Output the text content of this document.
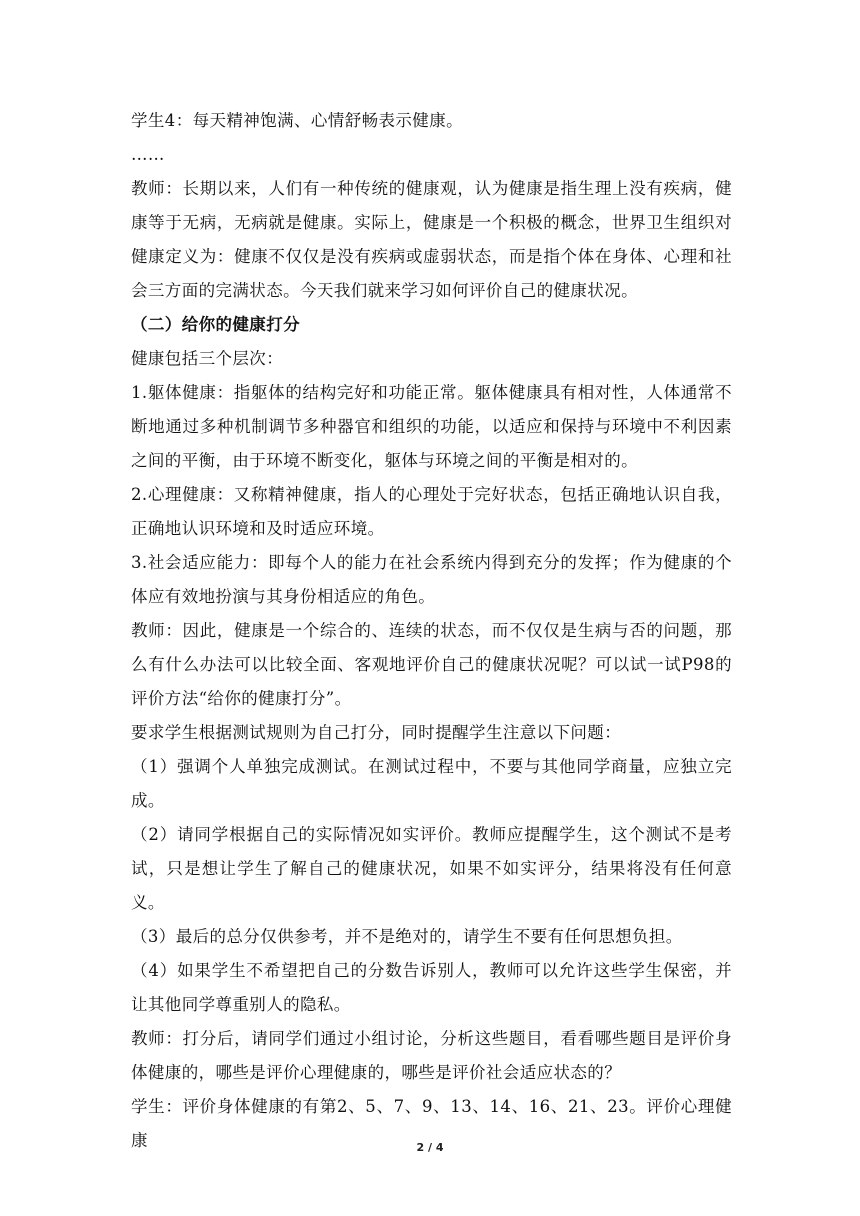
学生4：每天精神饱满、心情舒畅表示健康。

……

教师：长期以来，人们有一种传统的健康观，认为健康是指生理上没有疾病，健康等于无病，无病就是健康。实际上，健康是一个积极的概念，世界卫生组织对健康定义为：健康不仅仅是没有疾病或虚弱状态，而是指个体在身体、心理和社会三方面的完满状态。今天我们就来学习如何评价自己的健康状况。

（二）给你的健康打分

健康包括三个层次：

1.躯体健康：指躯体的结构完好和功能正常。躯体健康具有相对性，人体通常不断地通过多种机制调节多种器官和组织的功能，以适应和保持与环境中不利因素之间的平衡，由于环境不断变化，躯体与环境之间的平衡是相对的。

2.心理健康：又称精神健康，指人的心理处于完好状态，包括正确地认识自我，正确地认识环境和及时适应环境。

3.社会适应能力：即每个人的能力在社会系统内得到充分的发挥；作为健康的个体应有效地扮演与其身份相适应的角色。

教师：因此，健康是一个综合的、连续的状态，而不仅仅是生病与否的问题，那么有什么办法可以比较全面、客观地评价自己的健康状况呢？可以试一试P98的评价方法“给你的健康打分”。

要求学生根据测试规则为自己打分，同时提醒学生注意以下问题：

（1）强调个人单独完成测试。在测试过程中，不要与其他同学商量，应独立完成。

（2）请同学根据自己的实际情况如实评价。教师应提醒学生，这个测试不是考试，只是想让学生了解自己的健康状况，如果不如实评分，结果将没有任何意义。

（3）最后的总分仅供参考，并不是绝对的，请学生不要有任何思想负担。

（4）如果学生不希望把自己的分数告诉别人，教师可以允许这些学生保密，并让其他同学尊重别人的隐私。

教师：打分后，请同学们通过小组讨论，分析这些题目，看看哪些题目是评价身体健康的，哪些是评价心理健康的，哪些是评价社会适应状态的？

学生：评价身体健康的有第2、5、7、9、13、14、16、21、23。评价心理健康	2 / 4
